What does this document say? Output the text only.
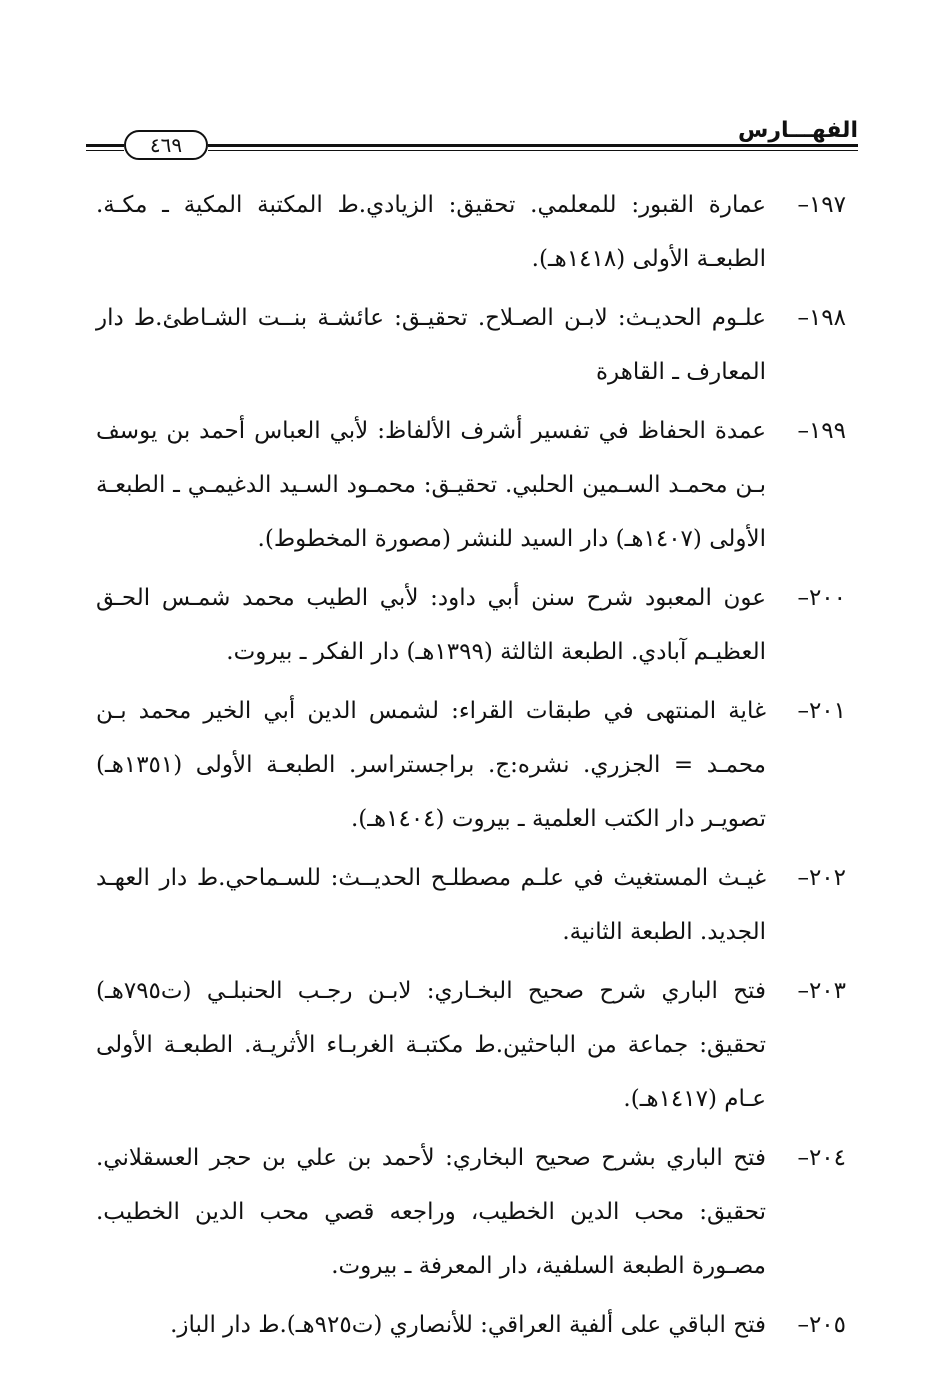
الفهـــارس
٤٦٩
١٩٧–
عمارة القبور: للمعلمي. تحقيق: الزيادي.ط المكتبة المكية ـ مكـة. الطبعـة الأولى (١٤١٨هـ).
١٩٨–
علـوم الحديـث: لابـن الصـلاح. تحقيـق: عائشـة بنــت الشـاطئ.ط دار المعارف ـ القاهرة
١٩٩–
عمدة الحفاظ في تفسير أشرف الألفاظ: لأبي العباس أحمد بن يوسف بـن محمـد السـمين الحلبي. تحقيـق: محمـود السـيد الدغيمـي ـ الطبعـة الأولى (١٤٠٧هـ) دار السيد للنشر (مصورة المخطوط).
٢٠٠–
عون المعبود شرح سنن أبي داود: لأبي الطيب محمد شمـس الحـق العظيـم آبادي. الطبعة الثالثة (١٣٩٩هـ) دار الفكر ـ بيروت.
٢٠١–
غاية المنتهى في طبقات القراء: لشمس الدين أبي الخير محمد بـن محمـد = الجزري. نشره:ج. براجستراسر. الطبعـة الأولى (١٣٥١هـ) تصويـر دار الكتب العلمية ـ بيروت (١٤٠٤هـ).
٢٠٢–
غيـث المستغيث في علـم مصطلـح الحديــث: للسـماحي.ط دار العهـد الجديد. الطبعة الثانية.
٢٠٣–
فتح الباري شرح صحيح البخـاري: لابـن رجـب الحنبلـي (ت٧٩٥هـ) تحقيق: جماعة من الباحثين.ط مكتبـة الغربـاء الأثريـة. الطبعـة الأولى عـام (١٤١٧هـ).
٢٠٤–
فتح الباري بشرح صحيح البخاري: لأحمد بن علي بن حجر العسقلاني. تحقيق: محب الدين الخطيب، وراجعه قصي محب الدين الخطيب. مصـورة الطبعة السلفية، دار المعرفة ـ بيروت.
٢٠٥–
فتح الباقي على ألفية العراقي: للأنصاري (ت٩٢٥هـ).ط دار الباز.
